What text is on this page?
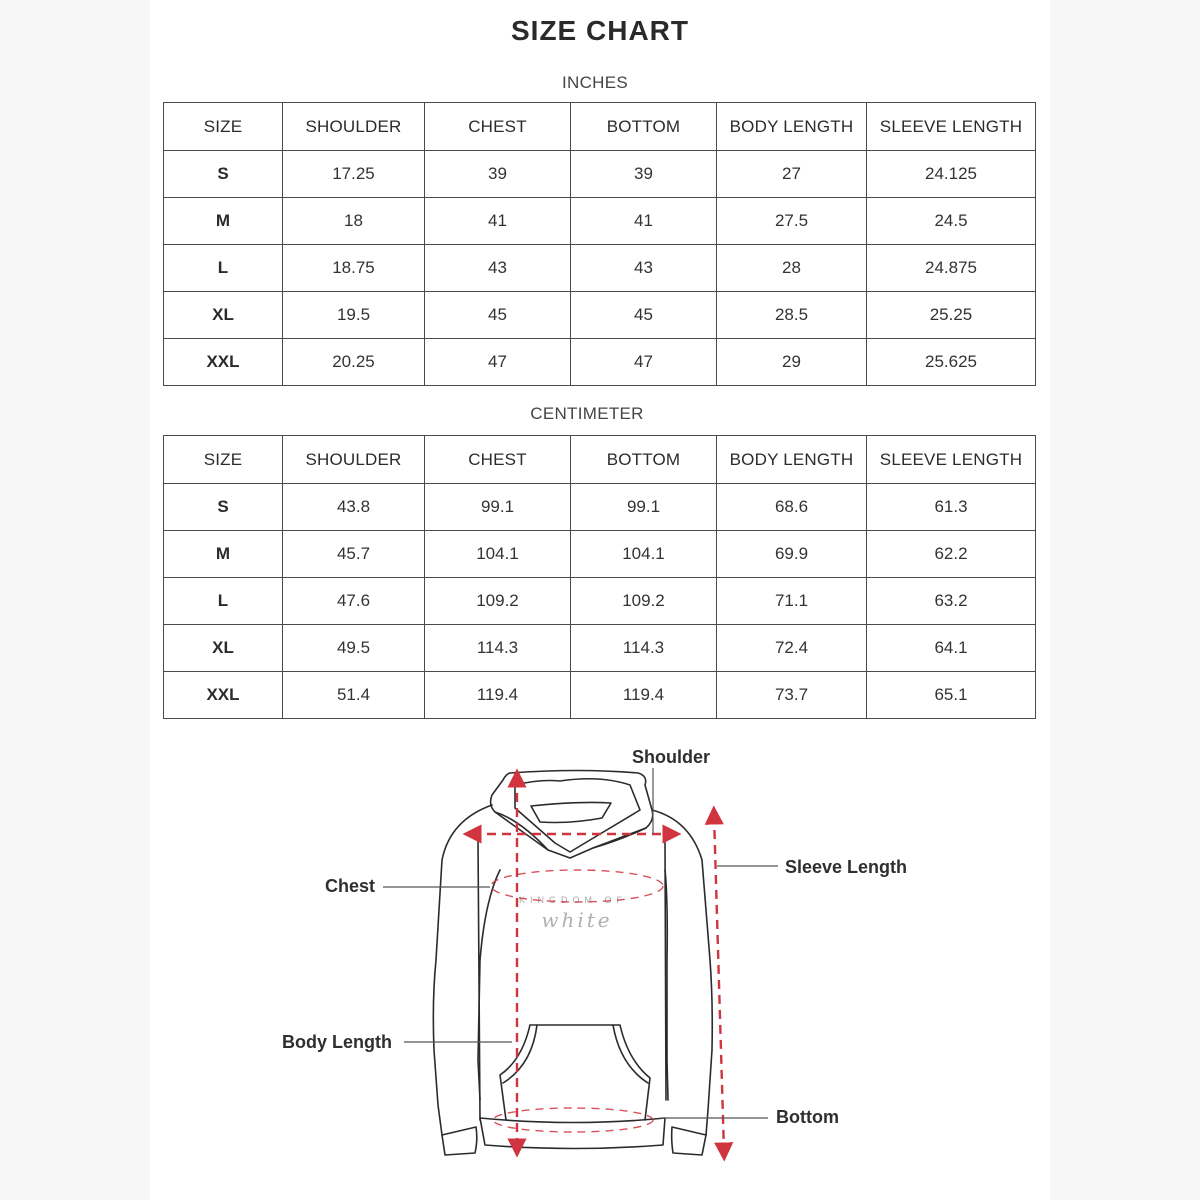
SIZE CHART
INCHES
SIZE	SHOULDER	CHEST	BOTTOM	BODY LENGTH	SLEEVE LENGTH
S	17.25	39	39	27	24.125
M	18	41	41	27.5	24.5
L	18.75	43	43	28	24.875
XL	19.5	45	45	28.5	25.25
XXL	20.25	47	47	29	25.625
CENTIMETER
SIZE	SHOULDER	CHEST	BOTTOM	BODY LENGTH	SLEEVE LENGTH
S	43.8	99.1	99.1	68.6	61.3
M	45.7	104.1	104.1	69.9	62.2
L	47.6	109.2	109.2	71.1	63.2
XL	49.5	114.3	114.3	72.4	64.1
XXL	51.4	119.4	119.4	73.7	65.1
KINGDOM OF
white
Shoulder
Chest
Sleeve Length
Body Length
Bottom
